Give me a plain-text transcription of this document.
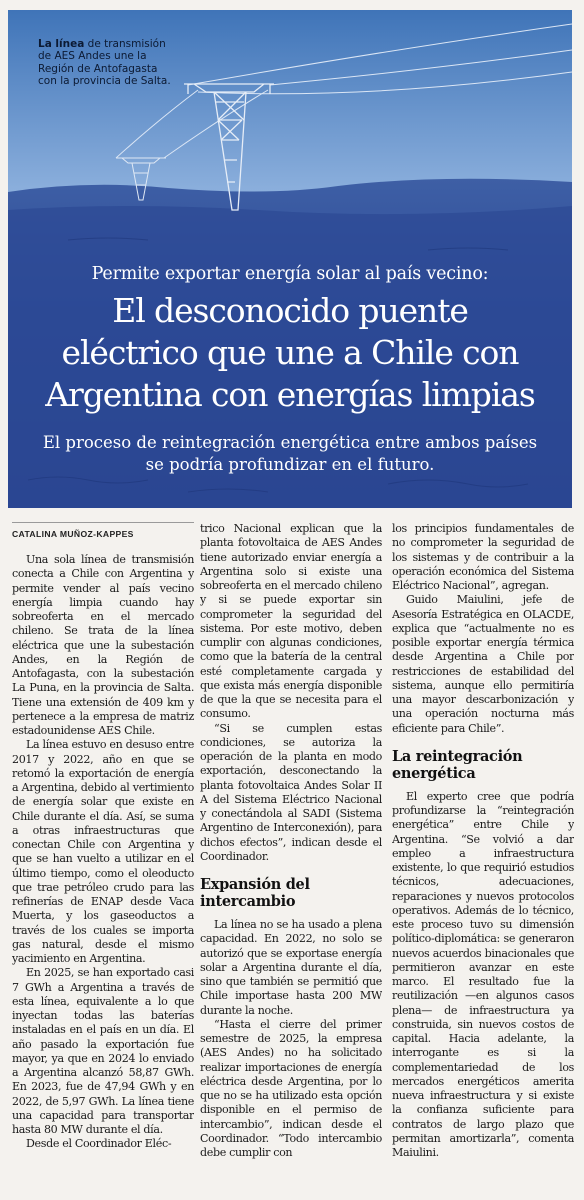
La línea de transmisión de AES Andes une la Región de Antofagasta con la provincia de Salta.
Permite exportar energía solar al país vecino:
El desconocido puente
eléctrico que une a Chile con
Argentina con energías limpias
El proceso de reintegración energética entre ambos países
se podría profundizar en el futuro.
CATALINA MUÑOZ-KAPPES

Una sola línea de transmisión conecta a Chile con Argentina y permite vender al país vecino energía limpia cuando hay sobreoferta en el mercado chileno. Se trata de la línea eléctrica que une la subestación Andes, en la Región de Antofagasta, con la subestación La Puna, en la provincia de Salta. Tiene una extensión de 409 km y pertenece a la empresa de matriz estadounidense AES Chile.

La línea estuvo en desuso entre 2017 y 2022, año en que se retomó la exportación de energía a Argentina, debido al vertimiento de energía solar que existe en Chile durante el día. Así, se suma a otras infraestructuras que conectan Chile con Argentina y que se han vuelto a utilizar en el último tiempo, como el oleoducto que trae petróleo crudo para las refinerías de ENAP desde Vaca Muerta, y los gaseoductos a través de los cuales se importa gas natural, desde el mismo yacimiento en Argentina.

En 2025, se han exportado casi 7 GWh a Argentina a través de esta línea, equivalente a lo que inyectan todas las baterías instaladas en el país en un día. El año pasado la exportación fue mayor, ya que en 2024 lo enviado a Argentina alcanzó 58,87 GWh. En 2023, fue de 47,94 GWh y en 2022, de 5,97 GWh. La línea tiene una capacidad para transportar hasta 80 MW durante el día.

Desde el Coordinador Eléc-

trico Nacional explican que la planta fotovoltaica de AES Andes tiene autorizado enviar energía a Argentina solo si existe una sobreoferta en el mercado chileno y si se puede exportar sin comprometer la seguridad del sistema. Por este motivo, deben cumplir con algunas condiciones, como que la batería de la central esté completamente cargada y que exista más energía disponible de que la que se necesita para el consumo.

“Si se cumplen estas condiciones, se autoriza la operación de la planta en modo exportación, desconectando la planta fotovoltaica Andes Solar II A del Sistema Eléctrico Nacional y conectándola al SADI (Sistema Argentino de Interconexión), para dichos efectos”, indican desde el Coordinador.

Expansión del intercambio

La línea no se ha usado a plena capacidad. En 2022, no solo se autorizó que se exportase energía solar a Argentina durante el día, sino que también se permitió que Chile importase hasta 200 MW durante la noche.

“Hasta el cierre del primer semestre de 2025, la empresa (AES Andes) no ha solicitado realizar importaciones de energía eléctrica desde Argentina, por lo que no se ha utilizado esta opción disponible en el permiso de intercambio”, indican desde el Coordinador. “Todo intercambio debe cumplir con

los principios fundamentales de no comprometer la seguridad de los sistemas y de contribuir a la operación económica del Sistema Eléctrico Nacional”, agregan.

Guido Maiulini, jefe de Asesoría Estratégica en OLACDE, explica que “actualmente no es posible exportar energía térmica desde Argentina a Chile por restricciones de estabilidad del sistema, aunque ello permitiría una mayor descarbonización y una operación nocturna más eficiente para Chile”.

La reintegración energética

El experto cree que podría profundizarse la “reintegración energética” entre Chile y Argentina. “Se volvió a dar empleo a infraestructura existente, lo que requirió estudios técnicos, adecuaciones, reparaciones y nuevos protocolos operativos. Además de lo técnico, este proceso tuvo su dimensión político-diplomática: se generaron nuevos acuerdos binacionales que permitieron avanzar en este marco. El resultado fue la reutilización —en algunos casos plena— de infraestructura ya construida, sin nuevos costos de capital. Hacia adelante, la interrogante es si la complementariedad de los mercados energéticos amerita nueva infraestructura y si existe la confianza suficiente para contratos de largo plazo que permitan amortizarla”, comenta Maiulini.
